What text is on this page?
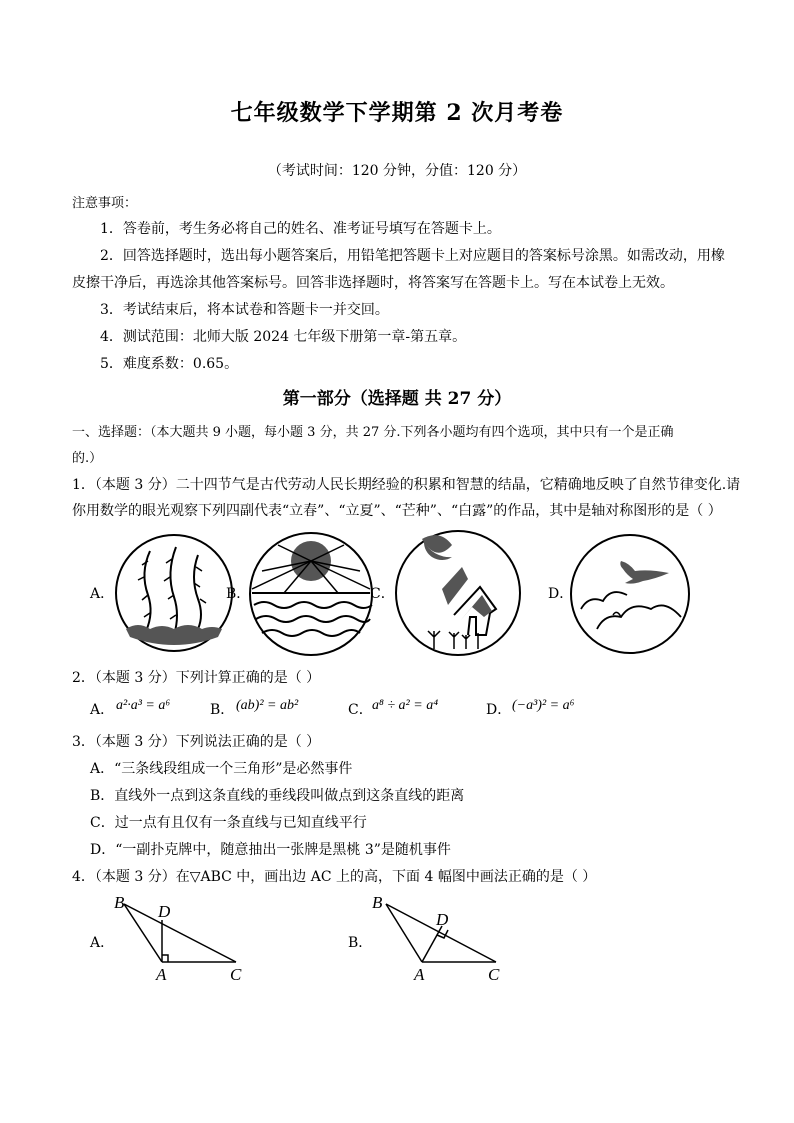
七年级数学下学期第 2 次月考卷
（考试时间：120 分钟，分值：120 分）
注意事项：
1．答卷前，考生务必将自己的姓名、准考证号填写在答题卡上。
2．回答选择题时，选出每小题答案后，用铅笔把答题卡上对应题目的答案标号涂黑。如需改动，用橡
皮擦干净后，再选涂其他答案标号。回答非选择题时，将答案写在答题卡上。写在本试卷上无效。
3．考试结束后，将本试卷和答题卡一并交回。
4．测试范围：北师大版 2024 七年级下册第一章-第五章。
5．难度系数：0.65。
第一部分（选择题 共 27 分）
一、选择题：（本大题共 9 小题，每小题 3 分，共 27 分.下列各小题均有四个选项，其中只有一个是正确
的.）
1．（本题 3 分）二十四节气是古代劳动人民长期经验的积累和智慧的结晶，它精确地反映了自然节律变化.请
你用数学的眼光观察下列四副代表“立春”、“立夏”、“芒种”、“白露”的作品，其中是轴对称图形的是（ ）
A．	B．	C．	D．
2．（本题 3 分）下列计算正确的是（ ）
A． a²·a³ = a⁶	B． (ab)² = ab²	C． a⁸ ÷ a² = a⁴	D． (−a³)² = a⁶
3．（本题 3 分）下列说法正确的是（ ）
A．“三条线段组成一个三角形”是必然事件
B．直线外一点到这条直线的垂线段叫做点到这条直线的距离
C．过一点有且仅有一条直线与已知直线平行
D．“一副扑克牌中，随意抽出一张牌是黑桃 3”是随机事件
4．（本题 3 分）在▽ABC 中，画出边 AC 上的高，下面 4 幅图中画法正确的是（ ）
A．	B．
B D
A	C
B
D
A	C
